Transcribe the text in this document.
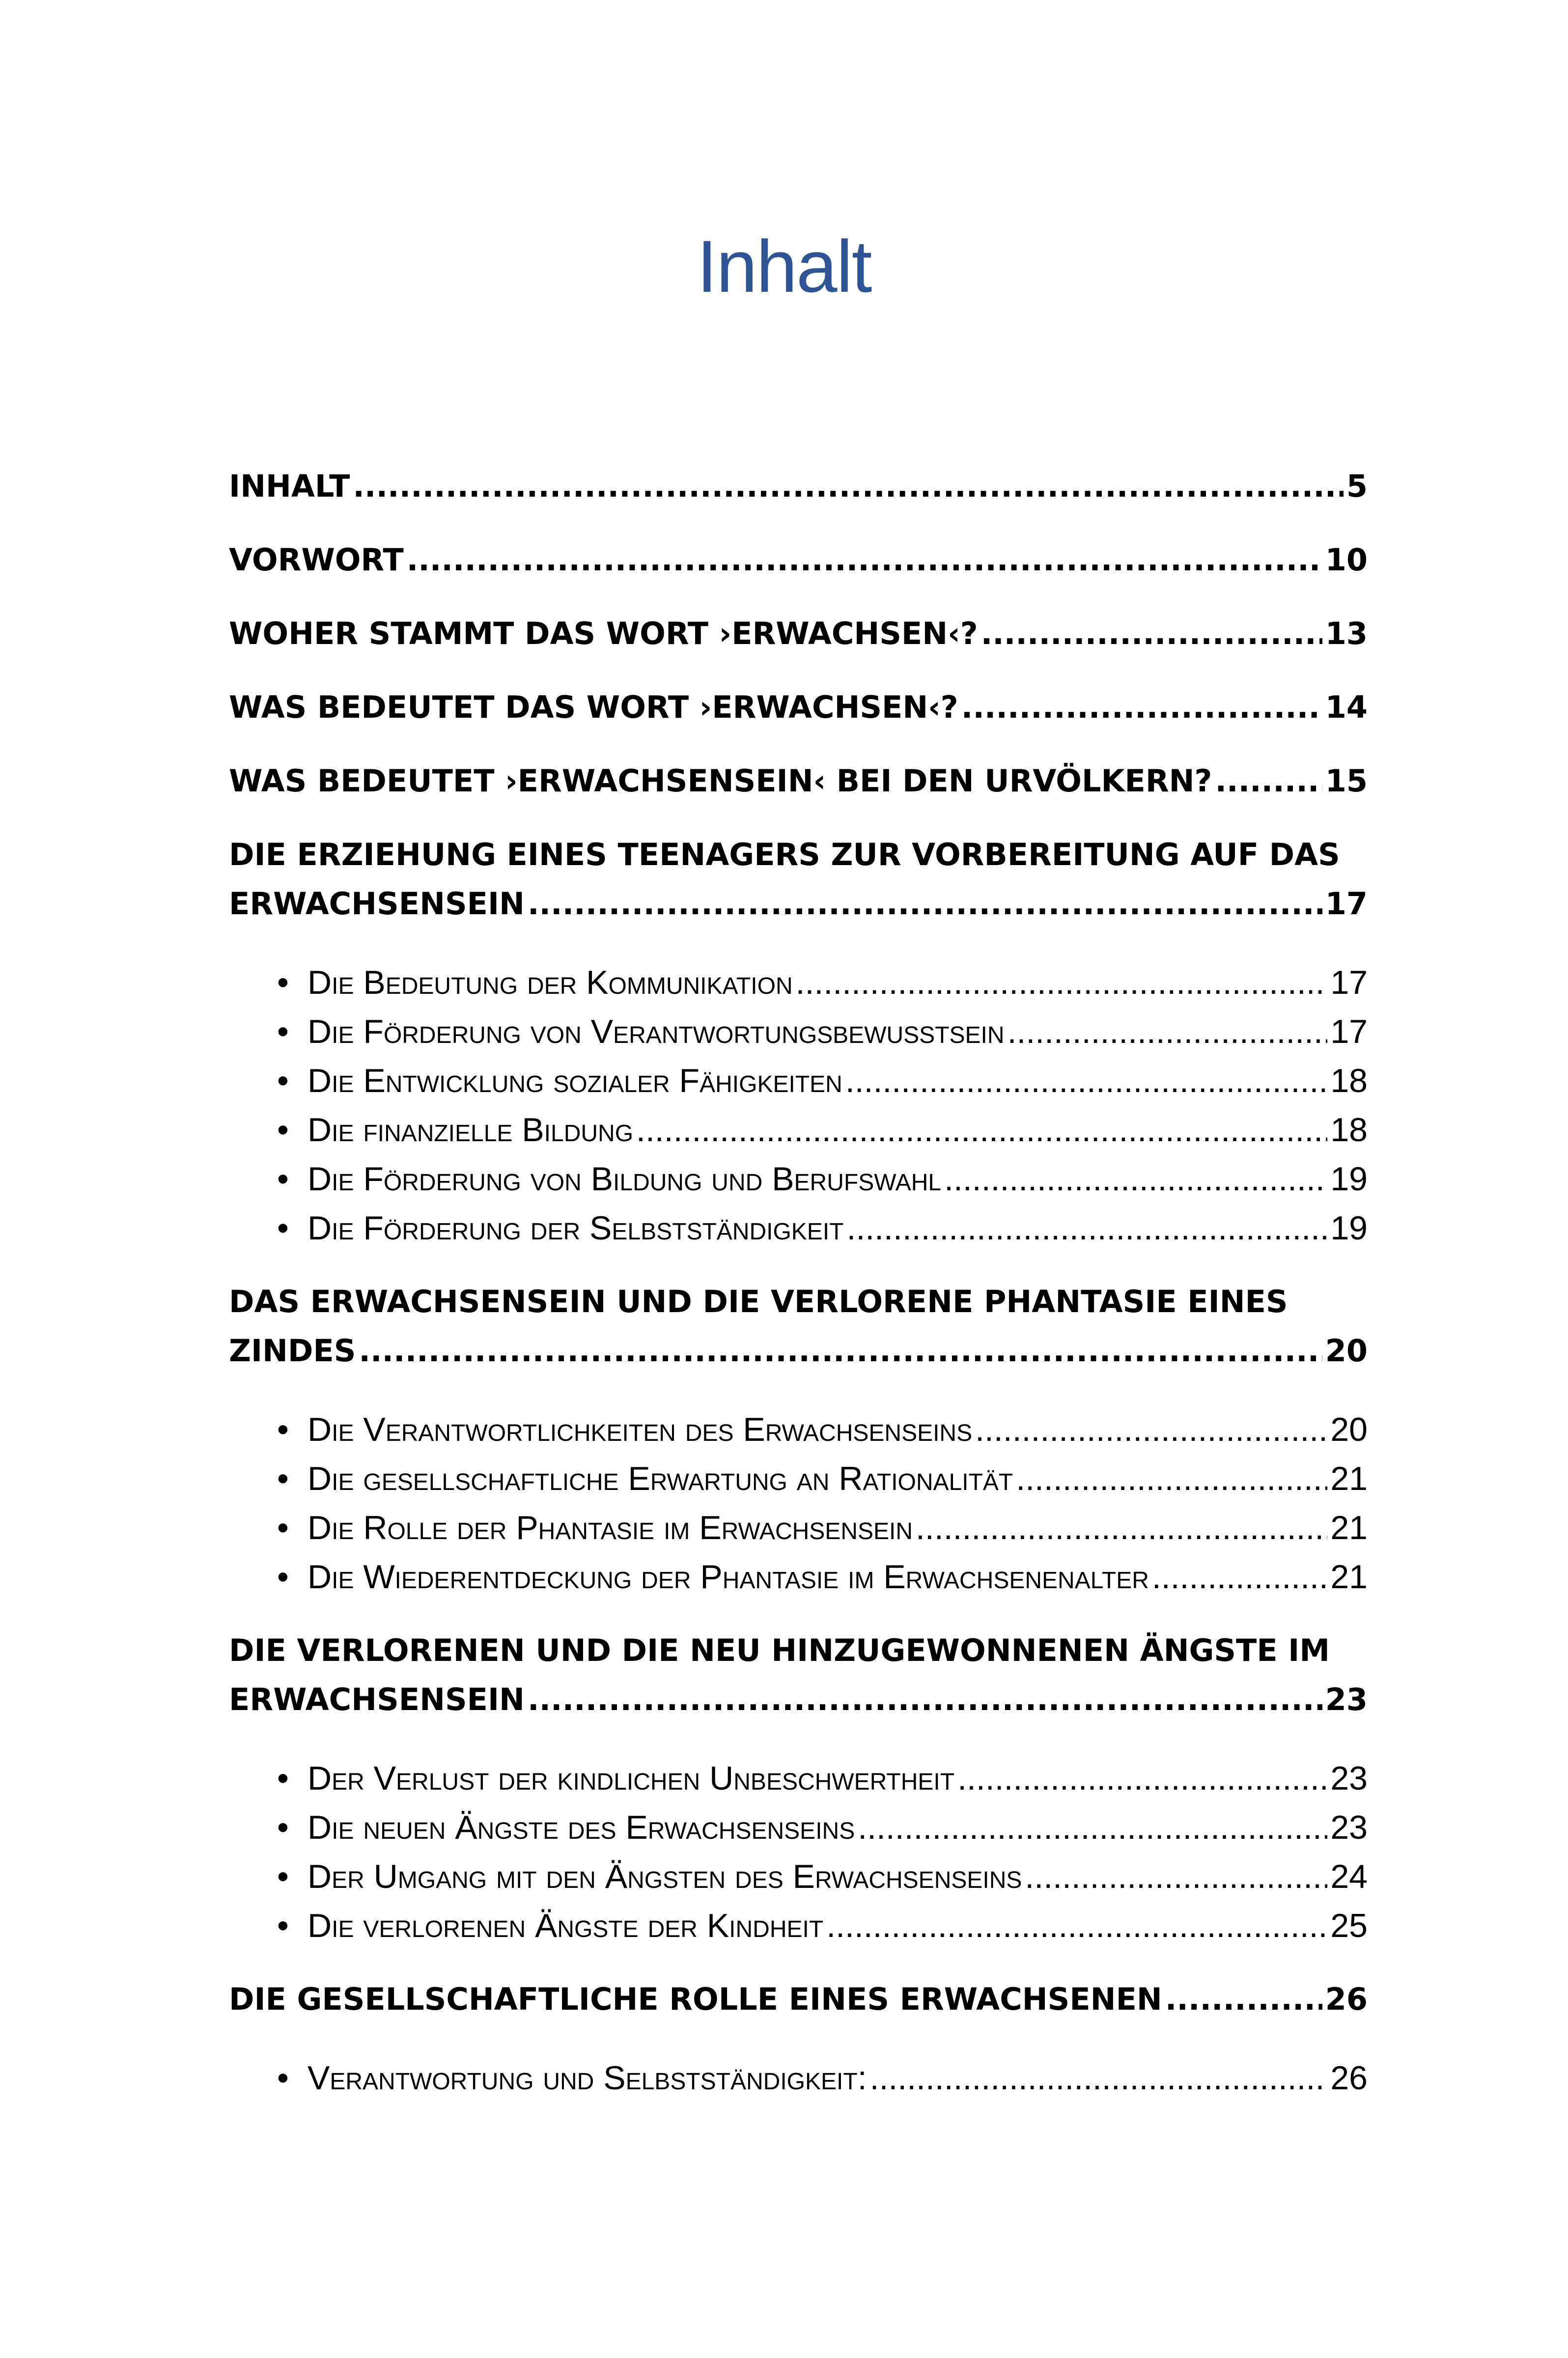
Inhalt
INHALT .....	5
VORWORT .....	10
WOHER STAMMT DAS WORT ›ERWACHSEN‹? .....	13
WAS BEDEUTET DAS WORT ›ERWACHSEN‹? .....	14
WAS BEDEUTET ›ERWACHSENSEIN‹ BEI DEN URVÖLKERN? .....	15
DIE ERZIEHUNG EINES TEENAGERS ZUR VORBEREITUNG AUF DAS
ERWACHSENSEIN .....	17
• Die Bedeutung der Kommunikation .....	17
• Die Förderung von Verantwortungsbewusstsein .....	17
• Die Entwicklung sozialer Fähigkeiten .....	18
• Die finanzielle Bildung .....	18
• Die Förderung von Bildung und Berufswahl .....	19
• Die Förderung der Selbstständigkeit .....	19
DAS ERWACHSENSEIN UND DIE VERLORENE PHANTASIE EINES
ZINDES .....	20
• Die Verantwortlichkeiten des Erwachsenseins .....	20
• Die gesellschaftliche Erwartung an Rationalität .....	21
• Die Rolle der Phantasie im Erwachsensein .....	21
• Die Wiederentdeckung der Phantasie im Erwachsenenalter .....	21
DIE VERLORENEN UND DIE NEU HINZUGEWONNENEN ÄNGSTE IM
ERWACHSENSEIN .....	23
• Der Verlust der kindlichen Unbeschwertheit .....	23
• Die neuen Ängste des Erwachsenseins .....	23
• Der Umgang mit den Ängsten des Erwachsenseins .....	24
• Die verlorenen Ängste der Kindheit .....	25
DIE GESELLSCHAFTLICHE ROLLE EINES ERWACHSENEN .....	26
• Verantwortung und Selbstständigkeit: .....	26
